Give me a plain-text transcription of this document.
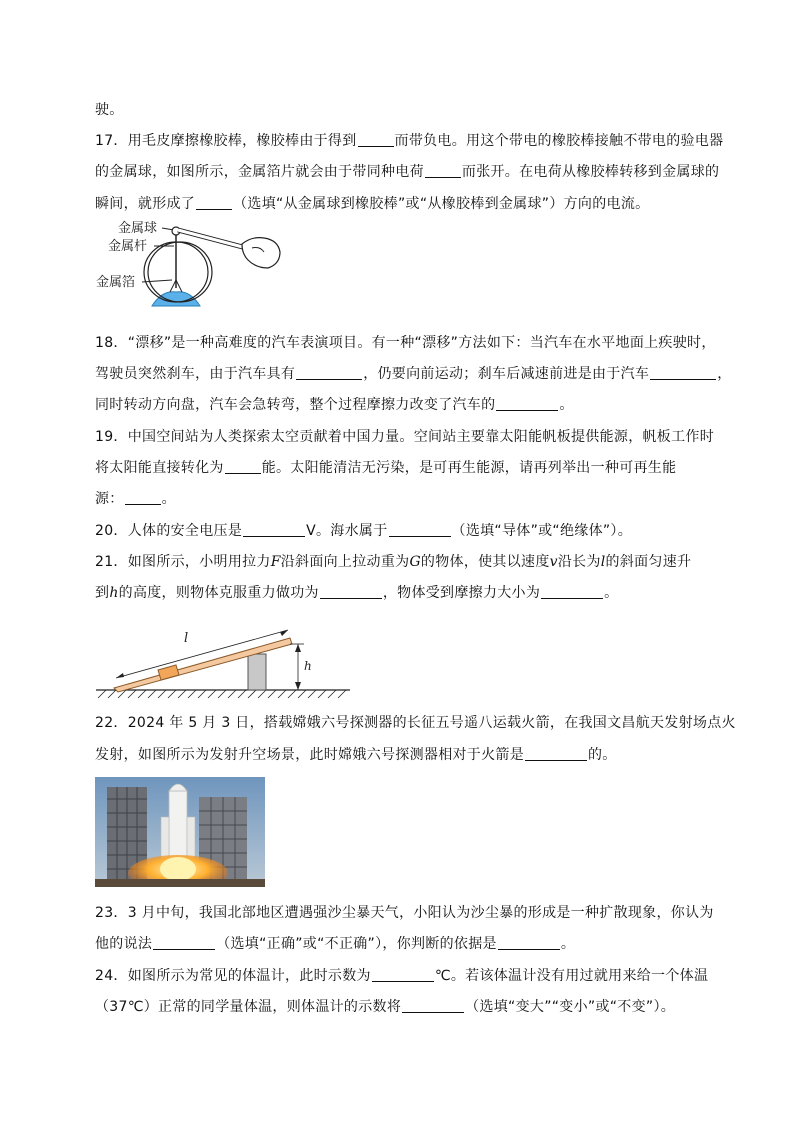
驶。
17．用毛皮摩擦橡胶棒，橡胶棒由于得到	而带负电。用这个带电的橡胶棒接触不带电的验电器
的金属球，如图所示，金属箔片就会由于带同种电荷	而张开。在电荷从橡胶棒转移到金属球的
瞬间，就形成了	（选填“从金属球到橡胶棒”或“从橡胶棒到金属球”）方向的电流。
金属球
金属杆
金属箔
18．“漂移”是一种高难度的汽车表演项目。有一种“漂移”方法如下：当汽车在水平地面上疾驶时，
驾驶员突然刹车，由于汽车具有	，仍要向前运动；刹车后减速前进是由于汽车	，
同时转动方向盘，汽车会急转弯，整个过程摩擦力改变了汽车的	。
19．中国空间站为人类探索太空贡献着中国力量。空间站主要靠太阳能帆板提供能源，帆板工作时
将太阳能直接转化为	能。太阳能清洁无污染，是可再生能源，请再列举出一种可再生能
源：	。
20．人体的安全电压是	V。海水属于	（选填“导体”或“绝缘体”）。
21．如图所示，小明用拉力F沿斜面向上拉动重为G的物体，使其以速度v沿长为l的斜面匀速升
到h的高度，则物体克服重力做功为	，物体受到摩擦力大小为	。
l
h
22．2024 年 5 月 3 日，搭载嫦娥六号探测器的长征五号遥八运载火箭，在我国文昌航天发射场点火
发射，如图所示为发射升空场景，此时嫦娥六号探测器相对于火箭是	的。
23．3 月中旬，我国北部地区遭遇强沙尘暴天气，小阳认为沙尘暴的形成是一种扩散现象，你认为
他的说法	（选填“正确”或“不正确”），你判断的依据是	。
24．如图所示为常见的体温计，此时示数为	℃。若该体温计没有用过就用来给一个体温
（37℃）正常的同学量体温，则体温计的示数将	（选填“变大”“变小”或“不变”）。
